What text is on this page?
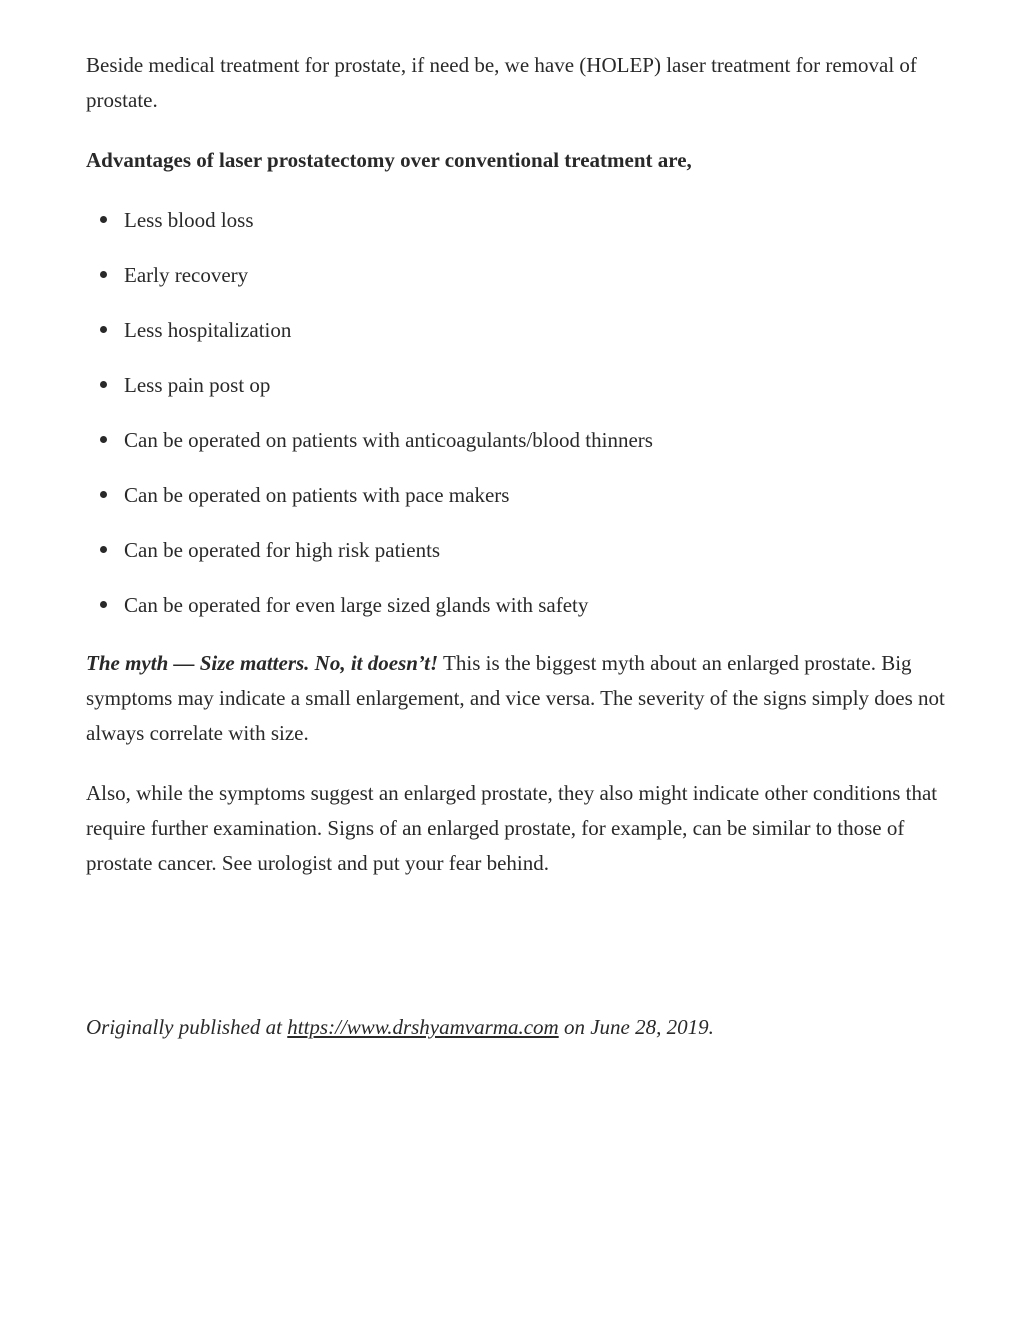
Beside medical treatment for prostate, if need be, we have (HOLEP) laser treatment for removal of prostate.

Advantages of laser prostatectomy over conventional treatment are,

Less blood loss
Early recovery
Less hospitalization
Less pain post op
Can be operated on patients with anticoagulants/blood thinners
Can be operated on patients with pace makers
Can be operated for high risk patients
Can be operated for even large sized glands with safety

The myth — Size matters. No, it doesn’t! This is the biggest myth about an enlarged prostate. Big symptoms may indicate a small enlargement, and vice versa. The severity of the signs simply does not always correlate with size.

Also, while the symptoms suggest an enlarged prostate, they also might indicate other conditions that require further examination. Signs of an enlarged prostate, for example, can be similar to those of prostate cancer. See urologist and put your fear behind.

Originally published at https://www.drshyamvarma.com on June 28, 2019.
